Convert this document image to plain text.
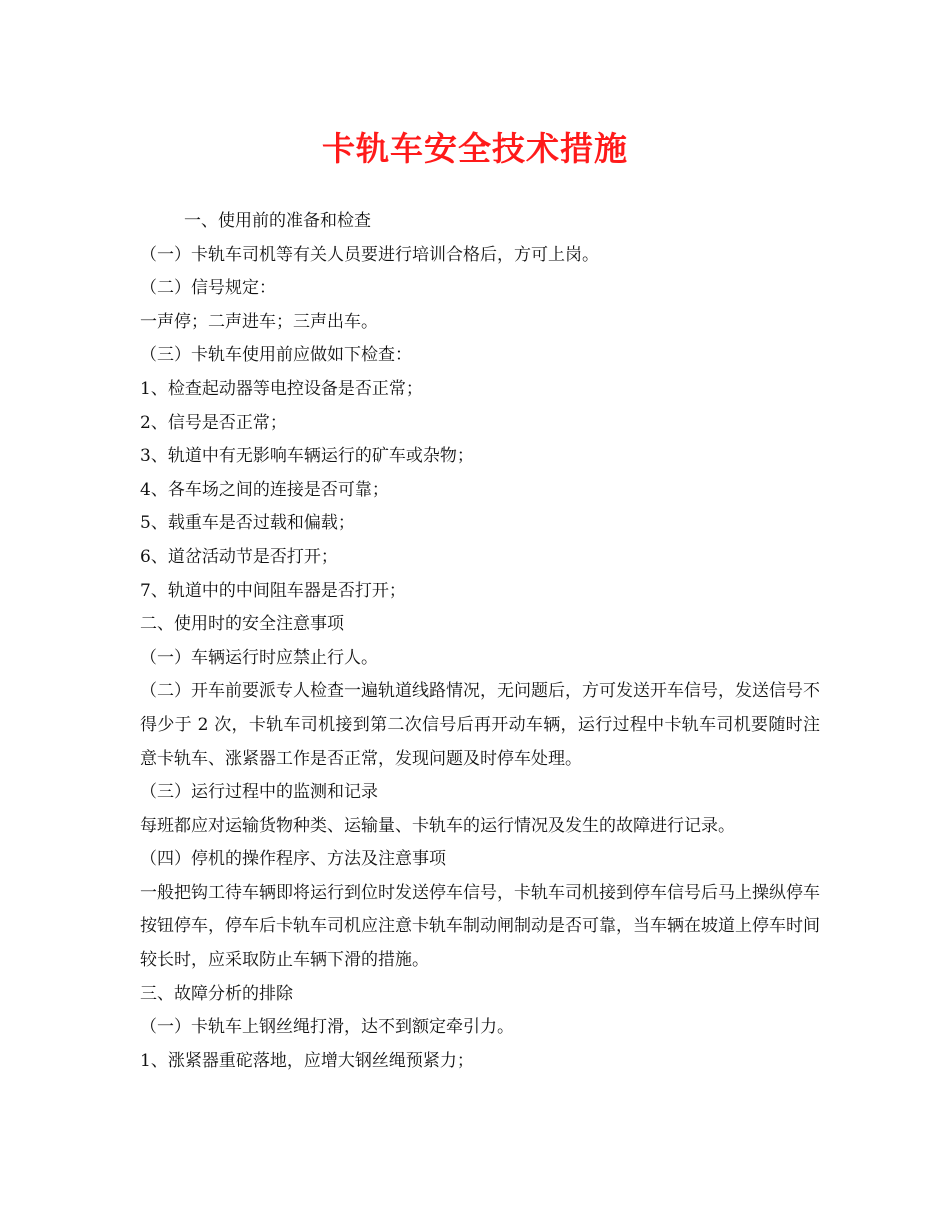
卡轨车安全技术措施
一、使用前的准备和检查
（一）卡轨车司机等有关人员要进行培训合格后，方可上岗。
（二）信号规定：
一声停；二声进车；三声出车。
（三）卡轨车使用前应做如下检查：
1、检查起动器等电控设备是否正常；
2、信号是否正常；
3、轨道中有无影响车辆运行的矿车或杂物；
4、各车场之间的连接是否可靠；
5、载重车是否过载和偏载；
6、道岔活动节是否打开；
7、轨道中的中间阻车器是否打开；
二、使用时的安全注意事项
（一）车辆运行时应禁止行人。
（二）开车前要派专人检查一遍轨道线路情况，无问题后，方可发送开车信号，发送信号不得少于 2 次，卡轨车司机接到第二次信号后再开动车辆，运行过程中卡轨车司机要随时注意卡轨车、涨紧器工作是否正常，发现问题及时停车处理。
（三）运行过程中的监测和记录
每班都应对运输货物种类、运输量、卡轨车的运行情况及发生的故障进行记录。
（四）停机的操作程序、方法及注意事项
一般把钩工待车辆即将运行到位时发送停车信号，卡轨车司机接到停车信号后马上操纵停车按钮停车，停车后卡轨车司机应注意卡轨车制动闸制动是否可靠，当车辆在坡道上停车时间较长时，应采取防止车辆下滑的措施。
三、故障分析的排除
（一）卡轨车上钢丝绳打滑，达不到额定牵引力。
1、涨紧器重砣落地，应增大钢丝绳预紧力；
